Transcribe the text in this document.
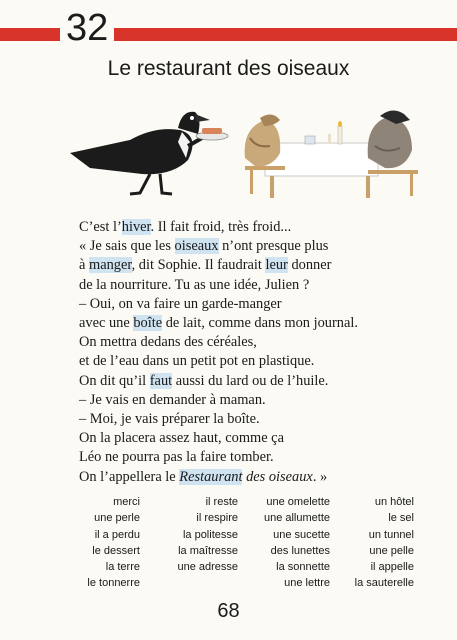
32
Le restaurant des oiseaux
C’est l’hiver. Il fait froid, très froid...
« Je sais que les oiseaux n’ont presque plus
à manger, dit Sophie. Il faudrait leur donner
de la nourriture. Tu as une idée, Julien ?
– Oui, on va faire un garde-manger
avec une boîte de lait, comme dans mon journal.
On mettra dedans des céréales,
et de l’eau dans un petit pot en plastique.
On dit qu’il faut aussi du lard ou de l’huile.
– Je vais en demander à maman.
– Moi, je vais préparer la boîte.
On la placera assez haut, comme ça
Léo ne pourra pas la faire tomber.
On l’appellera le Restaurant des oiseaux. »
merci
une perle
il a perdu
le dessert
la terre
le tonnerre
il reste
il respire
la politesse
la maîtresse
une adresse
une omelette
une allumette
une sucette
des lunettes
la sonnette
une lettre
un hôtel
le sel
un tunnel
une pelle
il appelle
la sauterelle
68
